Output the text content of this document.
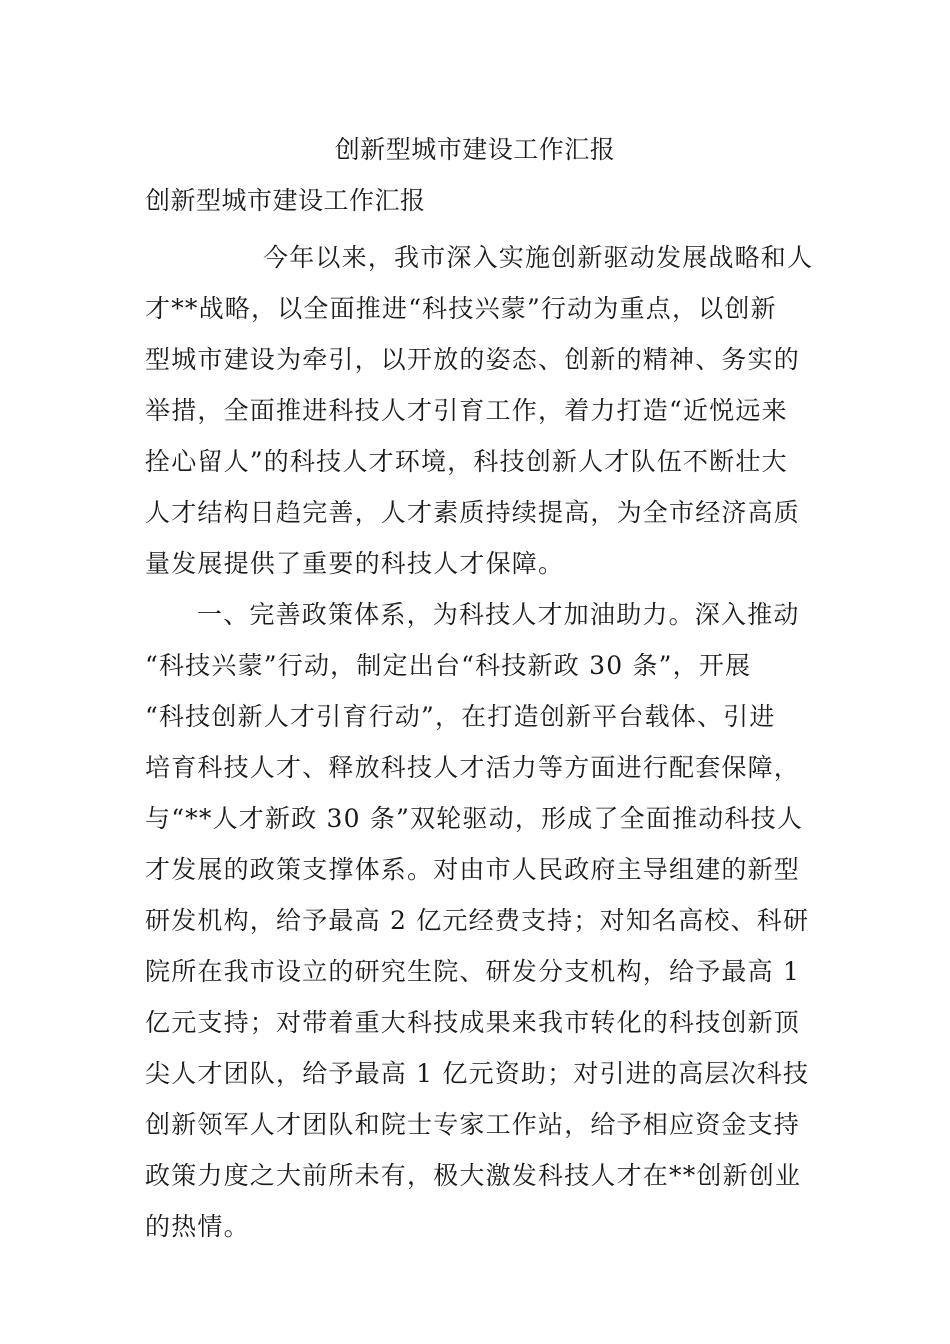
创新型城市建设工作汇报
创新型城市建设工作汇报
今年以来，我市深入实施创新驱动发展战略和人
才**战略，以全面推进“科技兴蒙”行动为重点，以创新
型城市建设为牵引，以开放的姿态、创新的精神、务实的
举措，全面推进科技人才引育工作，着力打造“近悦远来
拴心留人”的科技人才环境，科技创新人才队伍不断壮大
人才结构日趋完善，人才素质持续提高，为全市经济高质
量发展提供了重要的科技人才保障。
一、完善政策体系，为科技人才加油助力。深入推动
“科技兴蒙”行动，制定出台“科技新政 30 条”，开展
“科技创新人才引育行动”，在打造创新平台载体、引进
培育科技人才、释放科技人才活力等方面进行配套保障，
与“**人才新政 30 条”双轮驱动，形成了全面推动科技人
才发展的政策支撑体系。对由市人民政府主导组建的新型
研发机构，给予最高 2 亿元经费支持；对知名高校、科研
院所在我市设立的研究生院、研发分支机构，给予最高 1
亿元支持；对带着重大科技成果来我市转化的科技创新顶
尖人才团队，给予最高 1 亿元资助；对引进的高层次科技
创新领军人才团队和院士专家工作站，给予相应资金支持
政策力度之大前所未有，极大激发科技人才在**创新创业
的热情。
